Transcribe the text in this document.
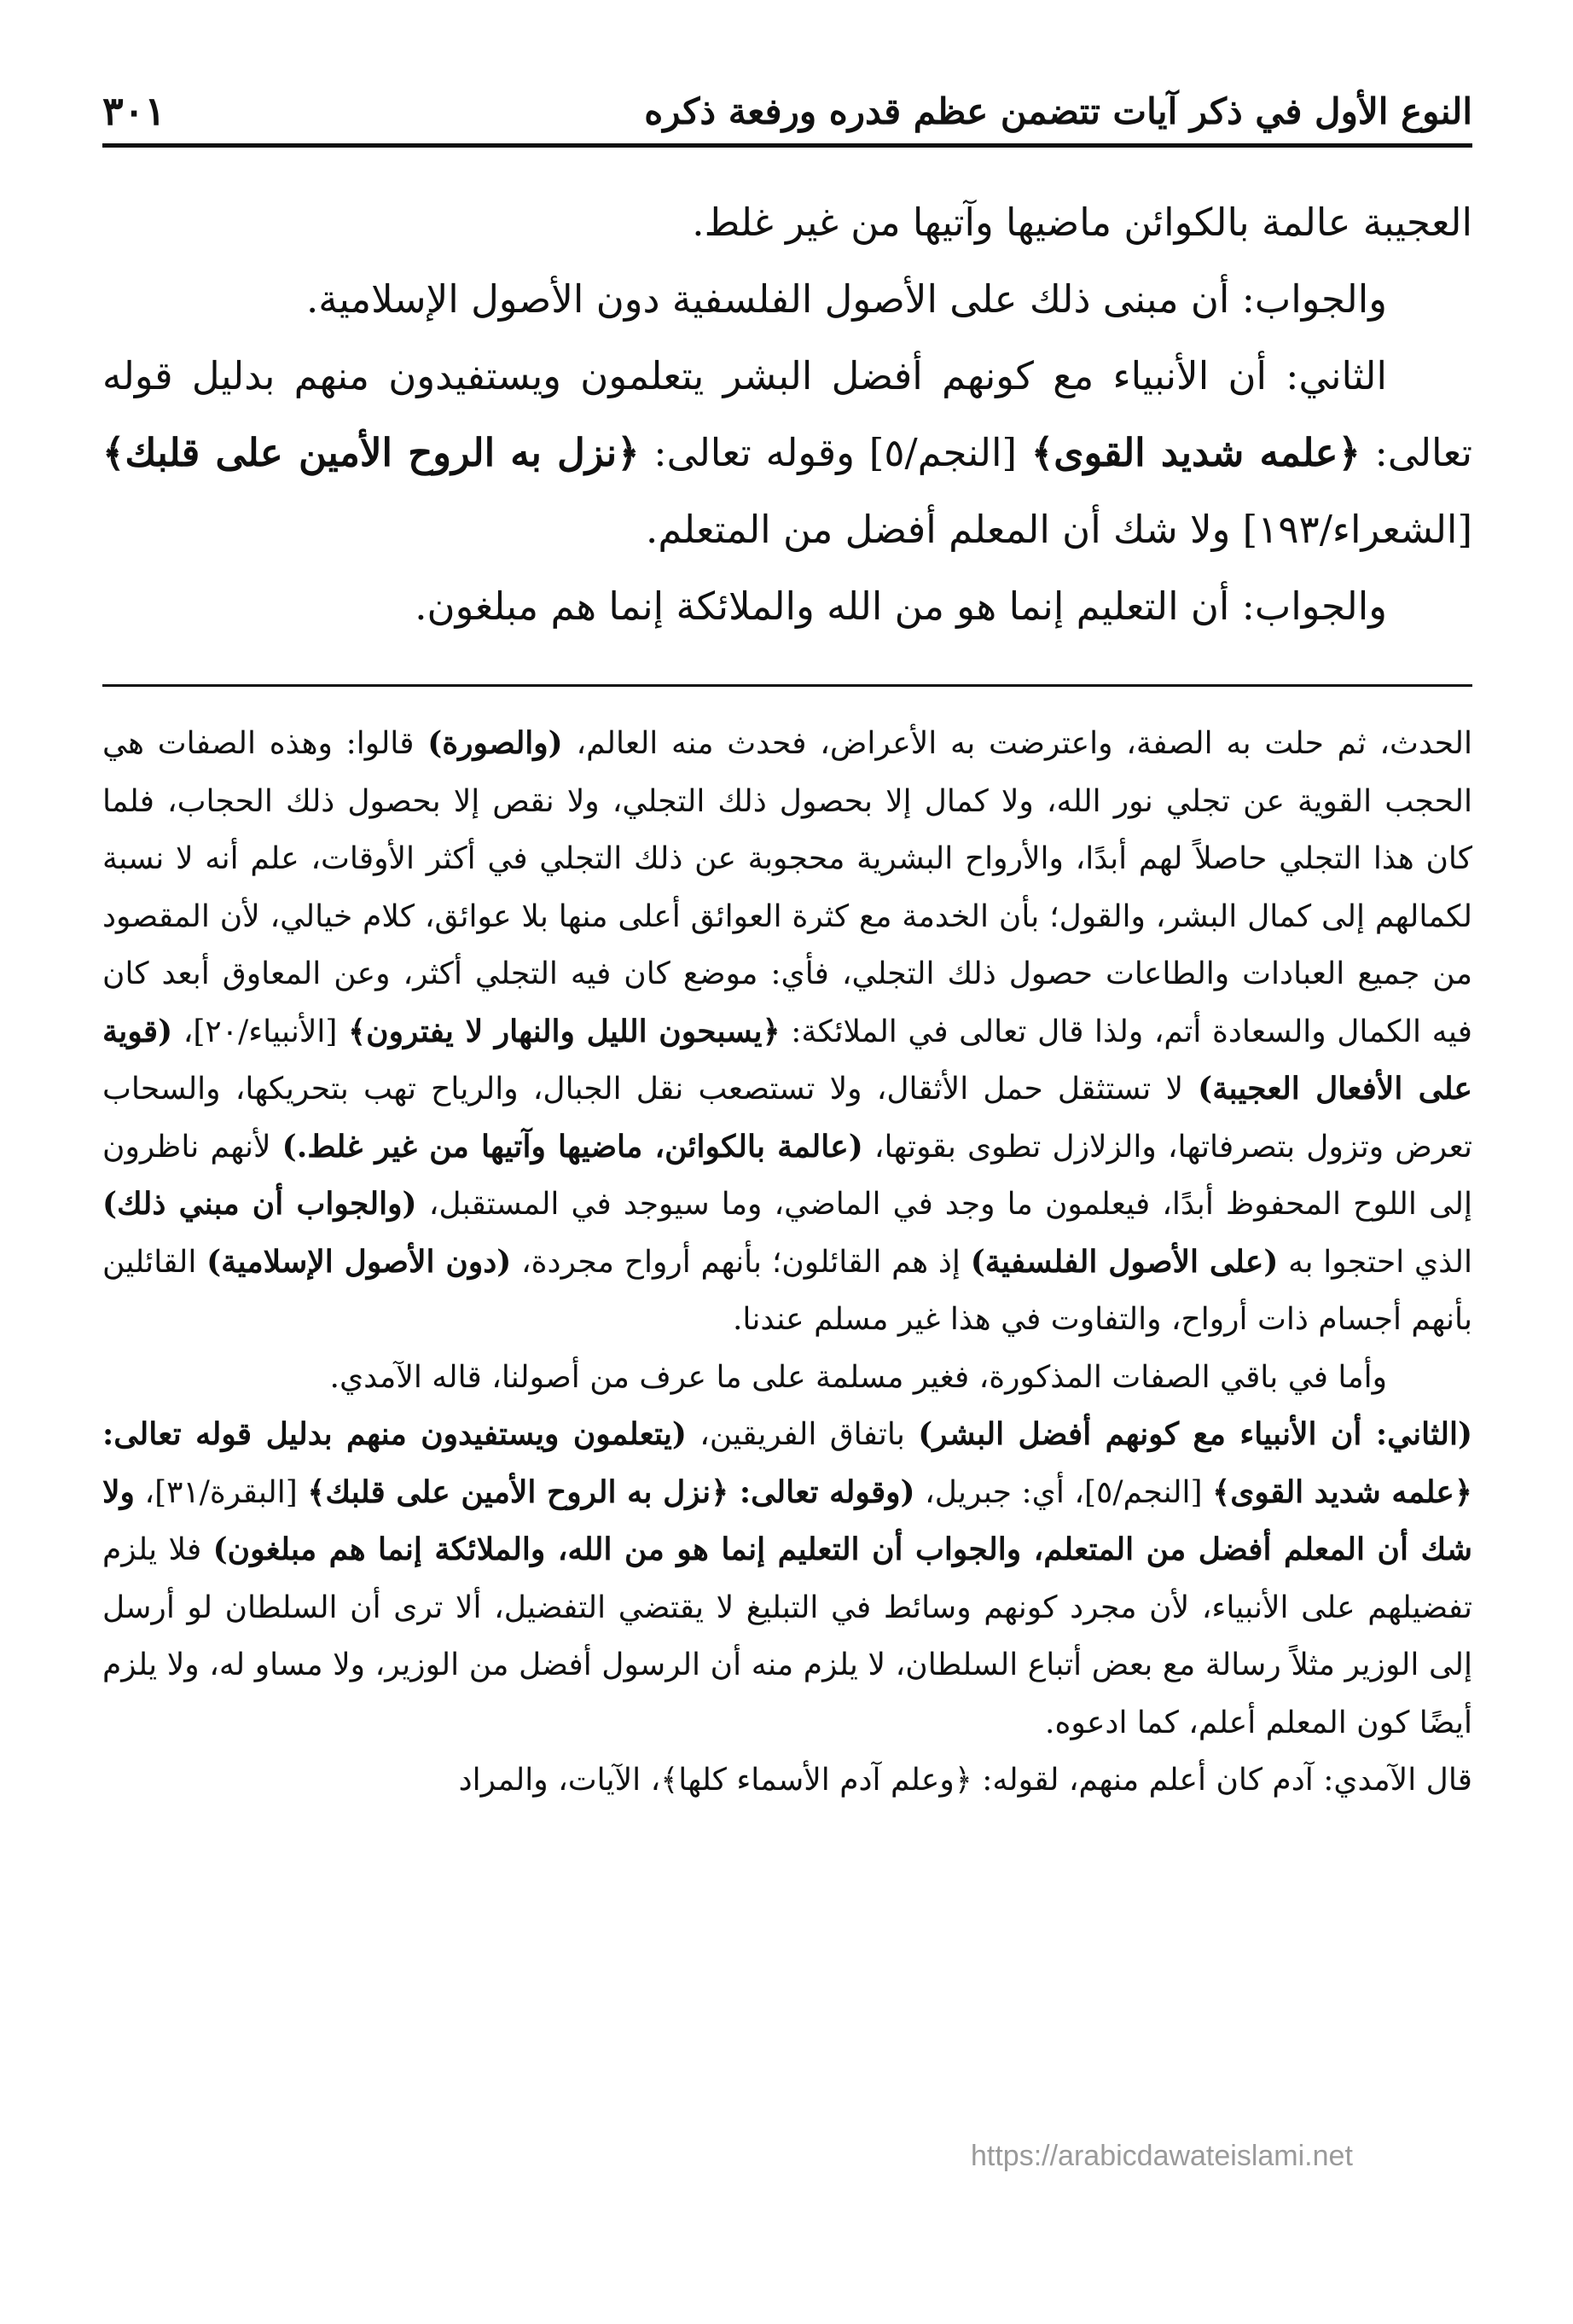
النوع الأول في ذكر آيات تتضمن عظم قدره ورفعة ذكره
٣٠١

العجيبة عالمة بالكوائن ماضيها وآتيها من غير غلط.

والجواب: أن مبنى ذلك على الأصول الفلسفية دون الأصول الإسلامية.

الثاني: أن الأنبياء مع كونهم أفضل البشر يتعلمون ويستفيدون منهم بدليل قوله تعالى: ﴿علمه شديد القوى﴾ [النجم/٥] وقوله تعالى: ﴿نزل به الروح الأمين على قلبك﴾ [الشعراء/١٩٣] ولا شك أن المعلم أفضل من المتعلم.

والجواب: أن التعليم إنما هو من الله والملائكة إنما هم مبلغون.

الحدث، ثم حلت به الصفة، واعترضت به الأعراض، فحدث منه العالم، (والصورة) قالوا: وهذه الصفات هي الحجب القوية عن تجلي نور الله، ولا كمال إلا بحصول ذلك التجلي، ولا نقص إلا بحصول ذلك الحجاب، فلما كان هذا التجلي حاصلاً لهم أبدًا، والأرواح البشرية محجوبة عن ذلك التجلي في أكثر الأوقات، علم أنه لا نسبة لكمالهم إلى كمال البشر، والقول؛ بأن الخدمة مع كثرة العوائق أعلى منها بلا عوائق، كلام خيالي، لأن المقصود من جميع العبادات والطاعات حصول ذلك التجلي، فأي: موضع كان فيه التجلي أكثر، وعن المعاوق أبعد كان فيه الكمال والسعادة أتم، ولذا قال تعالى في الملائكة: ﴿يسبحون الليل والنهار لا يفترون﴾ [الأنبياء/٢٠]، (قوية على الأفعال العجيبة) لا تستثقل حمل الأثقال، ولا تستصعب نقل الجبال، والرياح تهب بتحريكها، والسحاب تعرض وتزول بتصرفاتها، والزلازل تطوى بقوتها، (عالمة بالكوائن، ماضيها وآتيها من غير غلط.) لأنهم ناظرون إلى اللوح المحفوظ أبدًا، فيعلمون ما وجد في الماضي، وما سيوجد في المستقبل، (والجواب أن مبني ذلك) الذي احتجوا به (على الأصول الفلسفية) إذ هم القائلون؛ بأنهم أرواح مجردة، (دون الأصول الإسلامية) القائلين بأنهم أجسام ذات أرواح، والتفاوت في هذا غير مسلم عندنا.

وأما في باقي الصفات المذكورة، فغير مسلمة على ما عرف من أصولنا، قاله الآمدي.

(الثاني: أن الأنبياء مع كونهم أفضل البشر) باتفاق الفريقين، (يتعلمون ويستفيدون منهم بدليل قوله تعالى: ﴿علمه شديد القوى﴾ [النجم/٥]، أي: جبريل، (وقوله تعالى: ﴿نزل به الروح الأمين على قلبك﴾ [البقرة/٣١]، ولا شك أن المعلم أفضل من المتعلم، والجواب أن التعليم إنما هو من الله، والملائكة إنما هم مبلغون) فلا يلزم تفضيلهم على الأنبياء، لأن مجرد كونهم وسائط في التبليغ لا يقتضي التفضيل، ألا ترى أن السلطان لو أرسل إلى الوزير مثلاً رسالة مع بعض أتباع السلطان، لا يلزم منه أن الرسول أفضل من الوزير، ولا مساو له، ولا يلزم أيضًا كون المعلم أعلم، كما ادعوه.

قال الآمدي: آدم كان أعلم منهم، لقوله: ﴿وعلم آدم الأسماء كلها﴾، الآيات، والمراد

https://arabicdawateislami.net
